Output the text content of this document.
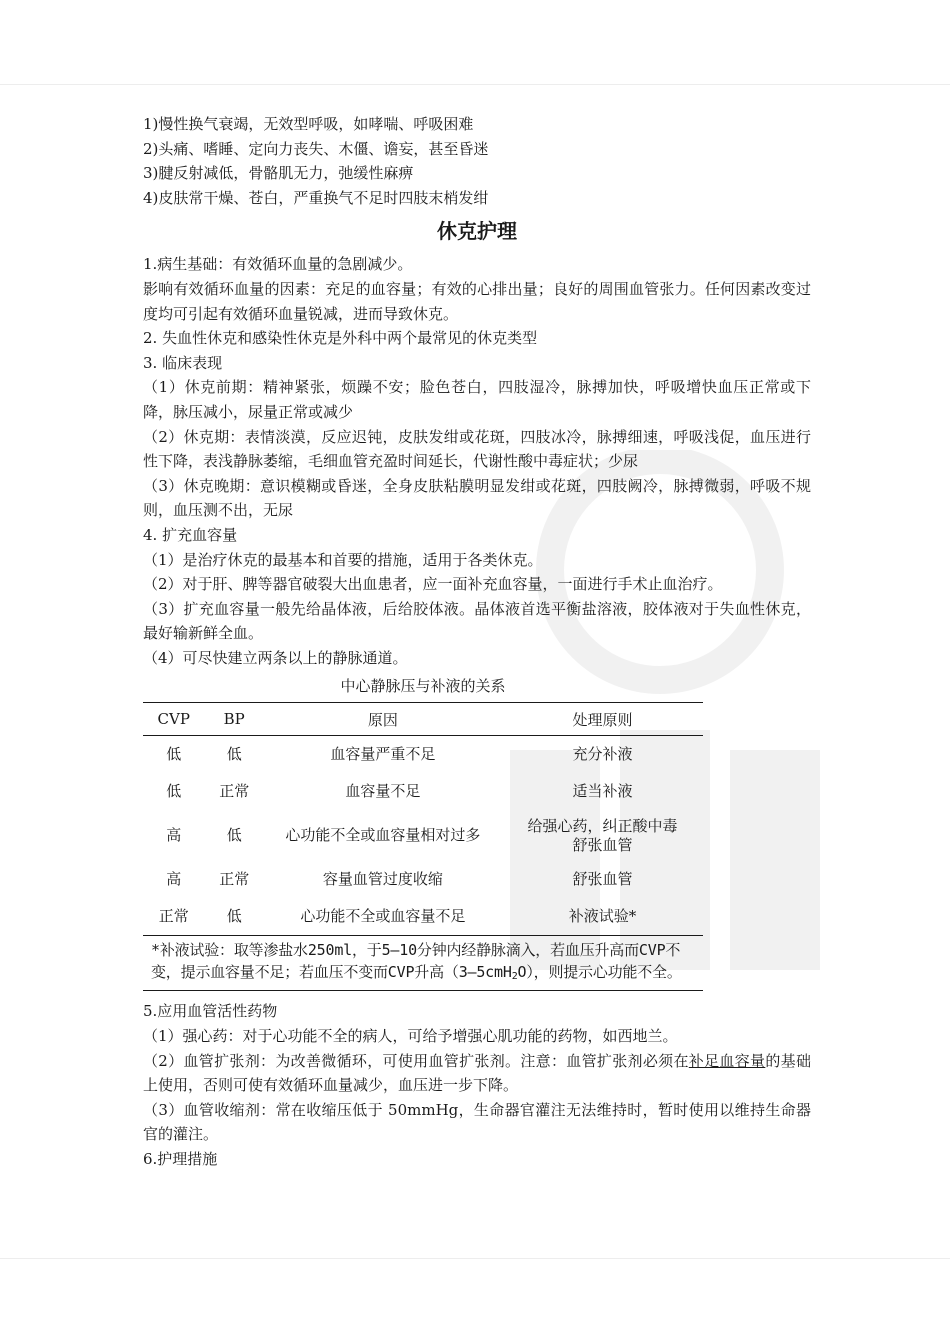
1)慢性换气衰竭，无效型呼吸，如哮喘、呼吸困难
2)头痛、嗜睡、定向力丧失、木僵、谵妄，甚至昏迷
3)腱反射减低，骨骼肌无力，弛缓性麻痹
4)皮肤常干燥、苍白，严重换气不足时四肢末梢发绀
休克护理
1.病生基础：有效循环血量的急剧减少。
影响有效循环血量的因素：充足的血容量；有效的心排出量；良好的周围血管张力。任何因素改变过度均可引起有效循环血量锐减，进而导致休克。
2. 失血性休克和感染性休克是外科中两个最常见的休克类型
3. 临床表现
（1）休克前期：精神紧张，烦躁不安；脸色苍白，四肢湿冷，脉搏加快，呼吸增快血压正常或下降，脉压减小，尿量正常或减少
（2）休克期：表情淡漠，反应迟钝，皮肤发绀或花斑，四肢冰冷，脉搏细速，呼吸浅促，血压进行性下降，表浅静脉萎缩，毛细血管充盈时间延长，代谢性酸中毒症状；少尿
（3）休克晚期：意识模糊或昏迷，全身皮肤粘膜明显发绀或花斑，四肢阙冷，脉搏微弱，呼吸不规则，血压测不出，无尿
4. 扩充血容量
（1）是治疗休克的最基本和首要的措施，适用于各类休克。
（2）对于肝、脾等器官破裂大出血患者，应一面补充血容量，一面进行手术止血治疗。
（3）扩充血容量一般先给晶体液，后给胶体液。晶体液首选平衡盐溶液，胶体液对于失血性休克，最好输新鲜全血。
（4）可尽快建立两条以上的静脉通道。
中心静脉压与补液的关系
CVP	BP	原因	处理原则
低	低	血容量严重不足	充分补液
低	正常	血容量不足	适当补液
高	低	心功能不全或血容量相对过多	给强心药，纠正酸中毒
舒张血管
高	正常	容量血管过度收缩	舒张血管
正常	低	心功能不全或血容量不足	补液试验*
*补液试验：取等渗盐水250ml，于5—10分钟内经静脉滴入，若血压升高而CVP不变，提示血容量不足；若血压不变而CVP升高（3—5cmH$_2$O），则提示心功能不全。
5.应用血管活性药物
（1）强心药：对于心功能不全的病人，可给予增强心肌功能的药物，如西地兰。
（2）血管扩张剂：为改善微循环，可使用血管扩张剂。注意：血管扩张剂必须在补足血容量的基础上使用，否则可使有效循环血量减少，血压进一步下降。
（3）血管收缩剂：常在收缩压低于 50mmHg，生命器官灌注无法维持时，暂时使用以维持生命器官的灌注。
6.护理措施
